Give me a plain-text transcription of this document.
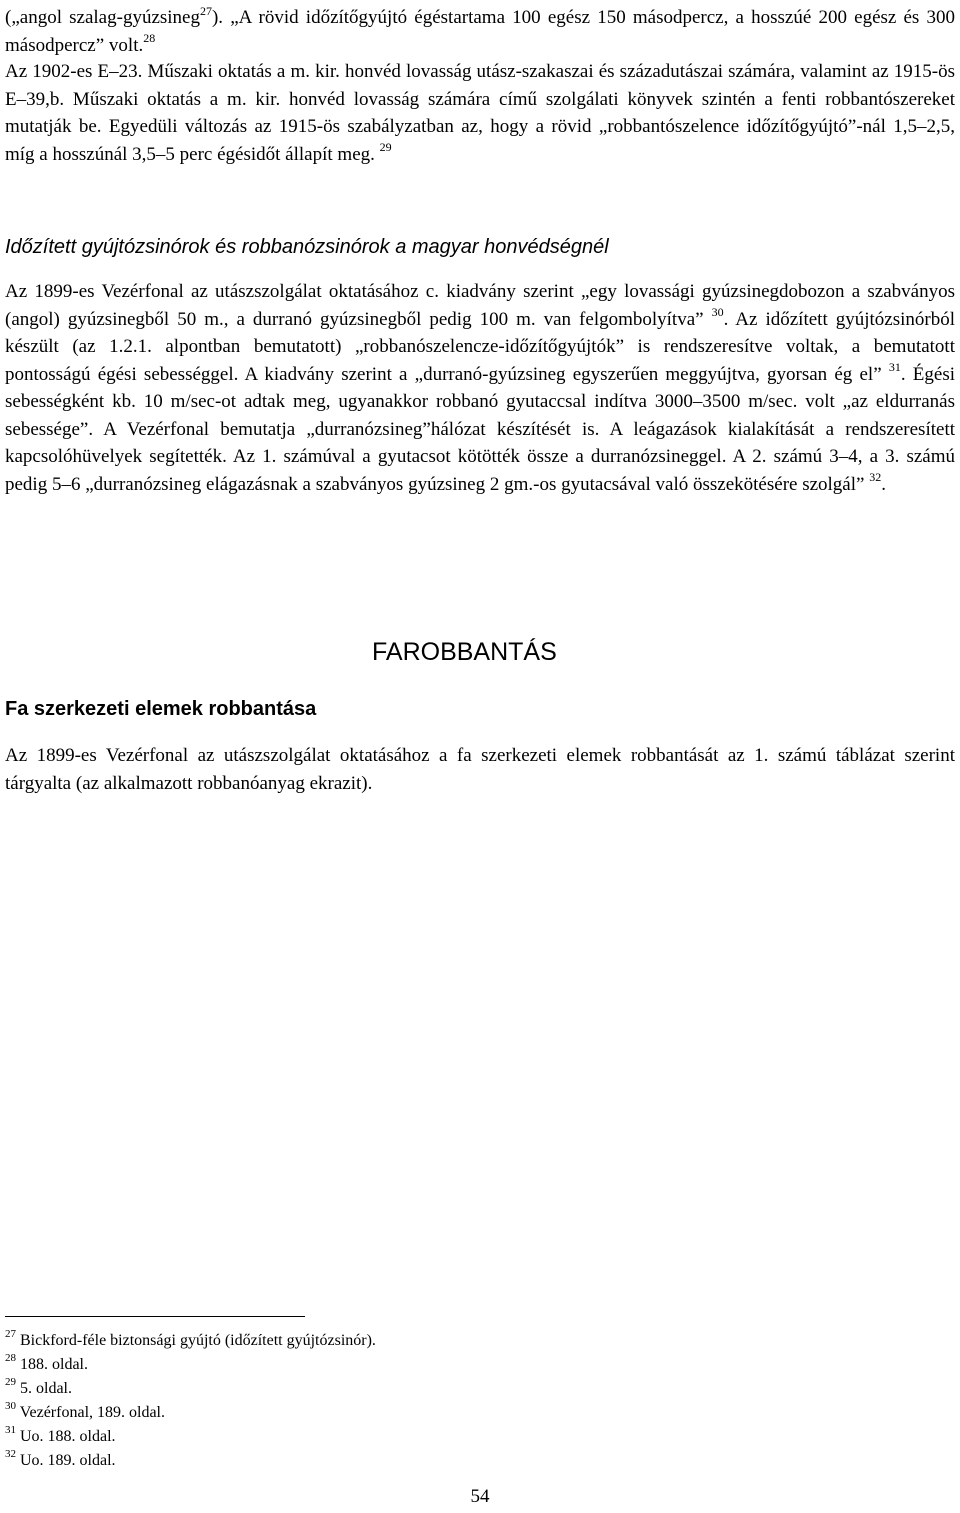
(„angol szalag-gyúzsineg$^{27}$). „A rövid időzítőgyújtó égéstartama 100 egész 150 másodpercz, a hosszúé 200 egész és 300 másodpercz” volt.$^{28}$

Az 1902-es E–23. Műszaki oktatás a m. kir. honvéd lovasság utász-szakaszai és századutászai számára, valamint az 1915-ös E–39,b. Műszaki oktatás a m. kir. honvéd lovasság számára című szolgálati könyvek szintén a fenti robbantószereket mutatják be. Egyedüli változás az 1915-ös szabályzatban az, hogy a rövid „robbantószelence időzítőgyújtó”-nál 1,5–2,5, míg a hosszúnál 3,5–5 perc égésidőt állapít meg. $^{29}$

Időzített gyújtózsinórok és robbanózsinórok a magyar honvédségnél

Az 1899-es Vezérfonal az utászszolgálat oktatásához c. kiadvány szerint „egy lovassági gyúzsinegdobozon a szabványos (angol) gyúzsinegből 50 m., a durranó gyúzsinegből pedig 100 m. van felgombolyítva” $^{30}$. Az időzített gyújtózsinórból készült (az 1.2.1. alpontban bemutatott) „robbanószelencze-időzítőgyújtók” is rendszeresítve voltak, a bemutatott pontosságú égési sebességgel. A kiadvány szerint a „durranó-gyúzsineg egyszerűen meggyújtva, gyorsan ég el” $^{31}$. Égési sebességként kb. 10 m/sec-ot adtak meg, ugyanakkor robbanó gyutaccsal indítva 3000–3500 m/sec. volt „az eldurranás sebessége”. A Vezérfonal bemutatja „durranózsineg”hálózat készítését is. A leágazások kialakítását a rendszeresített kapcsolóhüvelyek segítették. Az 1. számúval a gyutacsot kötötték össze a durranózsineggel. A 2. számú 3–4, a 3. számú pedig 5–6 „durranózsineg elágazásnak a szabványos gyúzsineg 2 gm.-os gyutacsával való összekötésére szolgál” $^{32}$.

FAROBBANTÁS
Fa szerkezeti elemek robbantása

Az 1899-es Vezérfonal az utászszolgálat oktatásához a fa szerkezeti elemek robbantását az 1. számú táblázat szerint tárgyalta (az alkalmazott robbanóanyag ekrazit).

$^{27}$ Bickford-féle biztonsági gyújtó (időzített gyújtózsinór).
$^{28}$ 188. oldal.
$^{29}$ 5. oldal.
$^{30}$ Vezérfonal, 189. oldal.
$^{31}$ Uo. 188. oldal.
$^{32}$ Uo. 189. oldal.
54
